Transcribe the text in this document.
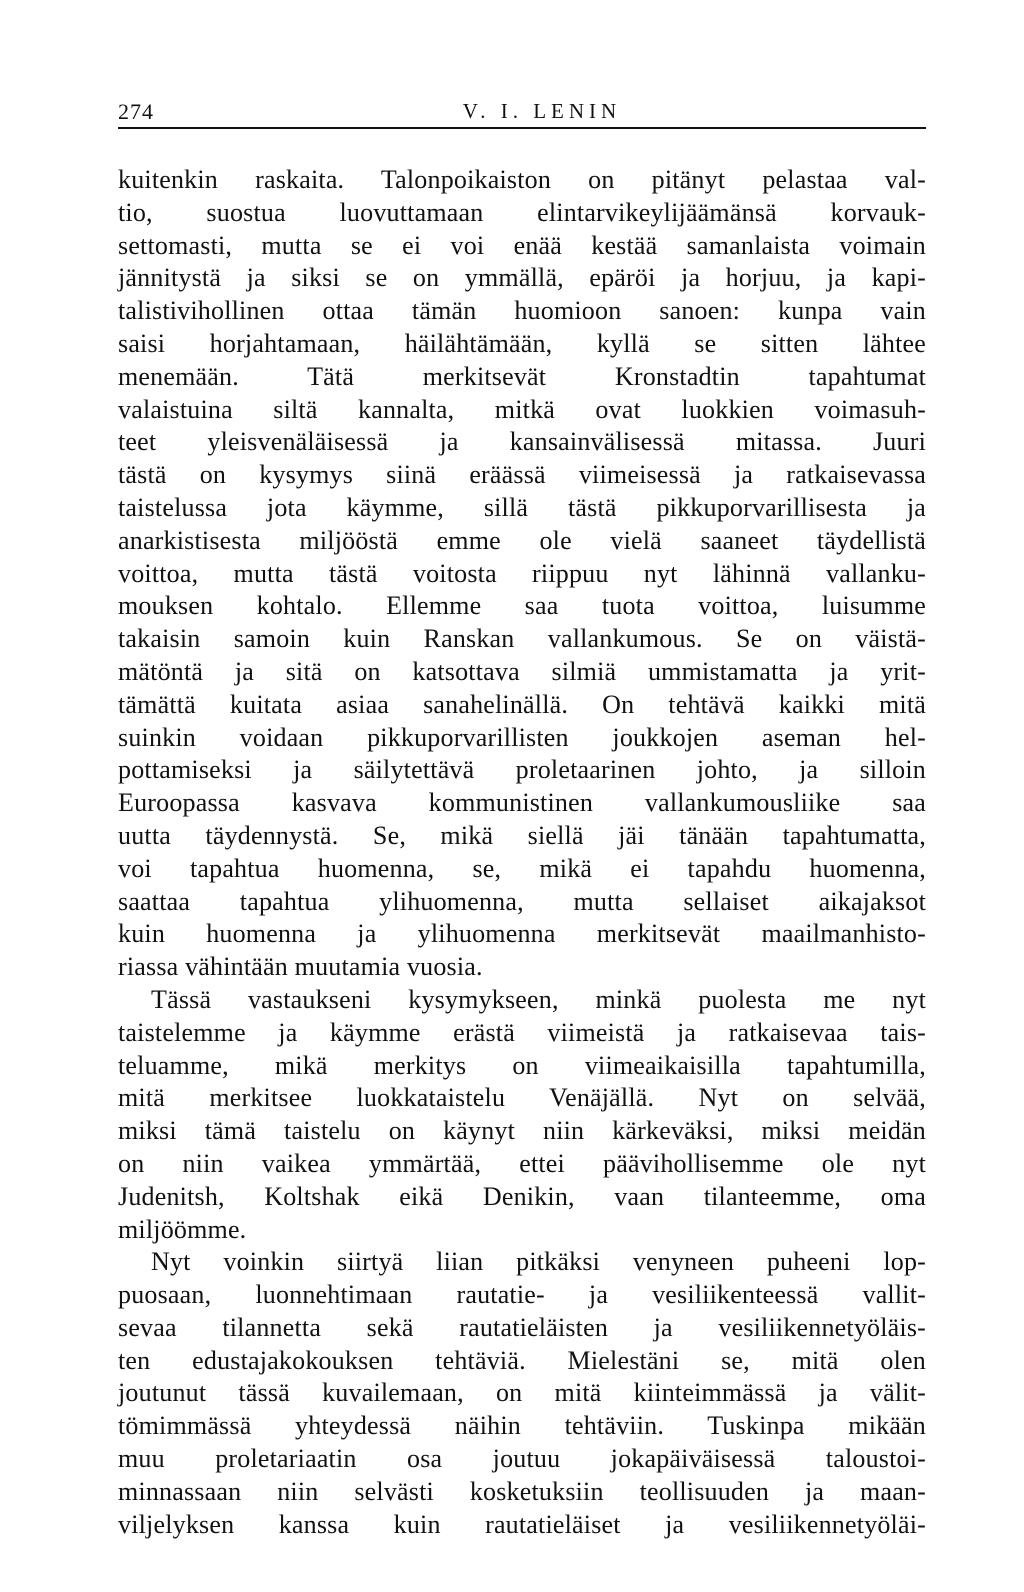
274	V. I. LENIN
kuitenkin raskaita. Talonpoikaiston on pitänyt pelastaa val-
tio, suostua luovuttamaan elintarvikeylijäämänsä korvauk-
settomasti, mutta se ei voi enää kestää samanlaista voimain
jännitystä ja siksi se on ymmällä, epäröi ja horjuu, ja kapi-
talistivihollinen ottaa tämän huomioon sanoen: kunpa vain
saisi horjahtamaan, häilähtämään, kyllä se sitten lähtee
menemään. Tätä merkitsevät Kronstadtin tapahtumat
valaistuina siltä kannalta, mitkä ovat luokkien voimasuh-
teet yleisvenäläisessä ja kansainvälisessä mitassa. Juuri
tästä on kysymys siinä eräässä viimeisessä ja ratkaisevassa
taistelussa jota käymme, sillä tästä pikkuporvarillisesta ja
anarkistisesta miljööstä emme ole vielä saaneet täydellistä
voittoa, mutta tästä voitosta riippuu nyt lähinnä vallanku-
mouksen kohtalo. Ellemme saa tuota voittoa, luisumme
takaisin samoin kuin Ranskan vallankumous. Se on väistä-
mätöntä ja sitä on katsottava silmiä ummistamatta ja yrit-
tämättä kuitata asiaa sanahelinällä. On tehtävä kaikki mitä
suinkin voidaan pikkuporvarillisten joukkojen aseman hel-
pottamiseksi ja säilytettävä proletaarinen johto, ja silloin
Euroopassa kasvava kommunistinen vallankumousliike saa
uutta täydennystä. Se, mikä siellä jäi tänään tapahtumatta,
voi tapahtua huomenna, se, mikä ei tapahdu huomenna,
saattaa tapahtua ylihuomenna, mutta sellaiset aikajaksot
kuin huomenna ja ylihuomenna merkitsevät maailmanhisto-
riassa vähintään muutamia vuosia.
Tässä vastaukseni kysymykseen, minkä puolesta me nyt
taistelemme ja käymme erästä viimeistä ja ratkaisevaa tais-
teluamme, mikä merkitys on viimeaikaisilla tapahtumilla,
mitä merkitsee luokkataistelu Venäjällä. Nyt on selvää,
miksi tämä taistelu on käynyt niin kärkeväksi, miksi meidän
on niin vaikea ymmärtää, ettei päävihollisemme ole nyt
Judenitsh, Koltshak eikä Denikin, vaan tilanteemme, oma
miljöömme.
Nyt voinkin siirtyä liian pitkäksi venyneen puheeni lop-
puosaan, luonnehtimaan rautatie- ja vesiliikenteessä vallit-
sevaa tilannetta sekä rautatieläisten ja vesiliikennetyöläis-
ten edustajakokouksen tehtäviä. Mielestäni se, mitä olen
joutunut tässä kuvailemaan, on mitä kiinteimmässä ja välit-
tömimmässä yhteydessä näihin tehtäviin. Tuskinpa mikään
muu proletariaatin osa joutuu jokapäiväisessä taloustoi-
minnassaan niin selvästi kosketuksiin teollisuuden ja maan-
viljelyksen kanssa kuin rautatieläiset ja vesiliikennetyöläi-
